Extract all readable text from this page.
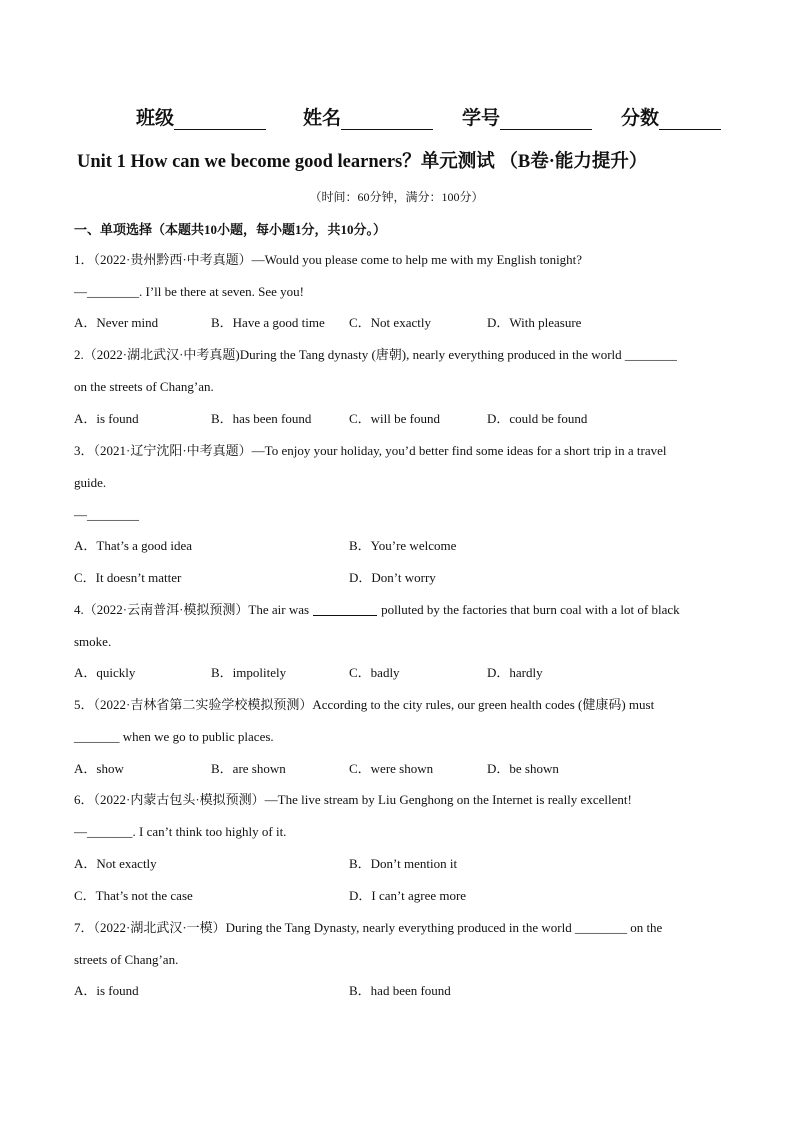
班级	姓名	学号	分数
Unit 1 How can we become good learners？单元测试 （B卷·能力提升）
（时间：60分钟，满分：100分）
一、单项选择（本题共10小题，每小题1分，共10分。）
1．（2022·贵州黔西·中考真题）—Would you please come to help me with my English tonight?
—________. I’ll be there at seven. See you!
A．Never mind	B．Have a good time C．Not exactly	D．With pleasure
2.（2022·湖北武汉·中考真题)During the Tang dynasty (唐朝), nearly everything produced in the world ________
on the streets of Chang’an.
A．is found	B．has been found	C．will be found	D．could be found
3．（2021·辽宁沈阳·中考真题）—To enjoy your holiday, you’d better find some ideas for a short trip in a travel
guide.
—________
A．That’s a good idea	B．You’re welcome
C．It doesn’t matter	D．Don’t worry
4.（2022·云南普洱·模拟预测）The air was	polluted by the factories that burn coal with a lot of black
smoke.
A．quickly	B．impolitely	C．badly	D．hardly
5．（2022·吉林省第二实验学校模拟预测）According to the city rules, our green health codes (健康码) must
_______ when we go to public places.
A．show	B．are shown	C．were shown	D．be shown
6．（2022·内蒙古包头·模拟预测）—The live stream by Liu Genghong on the Internet is really excellent!
—_______. I can’t think too highly of it.
A．Not exactly	B．Don’t mention it
C．That’s not the case	D．I can’t agree more
7．（2022·湖北武汉·一模）During the Tang Dynasty, nearly everything produced in the world ________ on the
streets of Chang’an.
A．is found	B．had been found
